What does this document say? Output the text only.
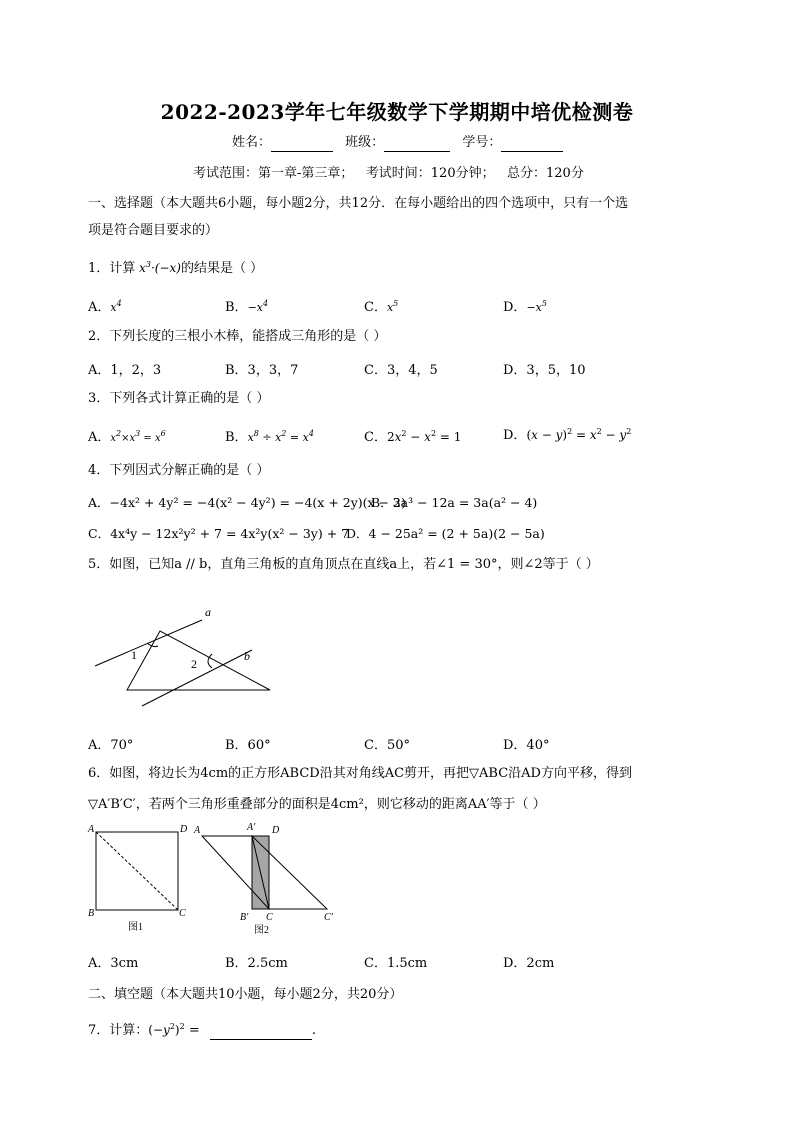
2022-2023学年七年级数学下学期期中培优检测卷
姓名：	班级：	学号：
考试范围：第一章-第三章；   考试时间：120分钟；   总分：120分
一、选择题（本大题共6小题，每小题2分，共12分．在每小题给出的四个选项中，只有一个选
项是符合题目要求的）
1．计算 $x^3\cdot(-x)$的结果是（ ）
A．$x^4$	B．$-x^4$	C．$x^5$	D．$-x^5$
2．下列长度的三根小木棒，能搭成三角形的是（ ）
A．1，2，3	B．3，3，7	C．3，4，5	D．3，5，10
3．下列各式计算正确的是（ ）
A．$x^2\times x^3 = x^6$	B．$x^8 \div x^2 = x^4$	C．$2x^2 - x^2 = 1$	D．$(x - y)^2 = x^2 - y^2$
4．下列因式分解正确的是（ ）
A．−4x² + 4y² = −4(x² − 4y²) = −4(x + 2y)(x − 2)
B．3a³ − 12a = 3a(a² − 4)
C．4x⁴y − 12x²y² + 7 = 4x²y(x² − 3y) + 7
D．4 − 25a² = (2 + 5a)(2 − 5a)
5．如图，已知a // b，直角三角板的直角顶点在直线a上，若∠1 = 30°，则∠2等于（ ）
a
b
1
2
A．70°	B．60°	C．50°	D．40°
6．如图，将边长为4cm的正方形ABCD沿其对角线AC剪开，再把▽ABC沿AD方向平移，得到
▽A′B′C′，若两个三角形重叠部分的面积是4cm²，则它移动的距离AA′等于（ ）
A	D
B	C
图1
A	A′ D
B′ C	C′
图2
A．3cm	B．2.5cm	C．1.5cm	D．2cm
二、填空题（本大题共10小题，每小题2分，共20分）
7．计算：$(-y^2)^2$ =	.
